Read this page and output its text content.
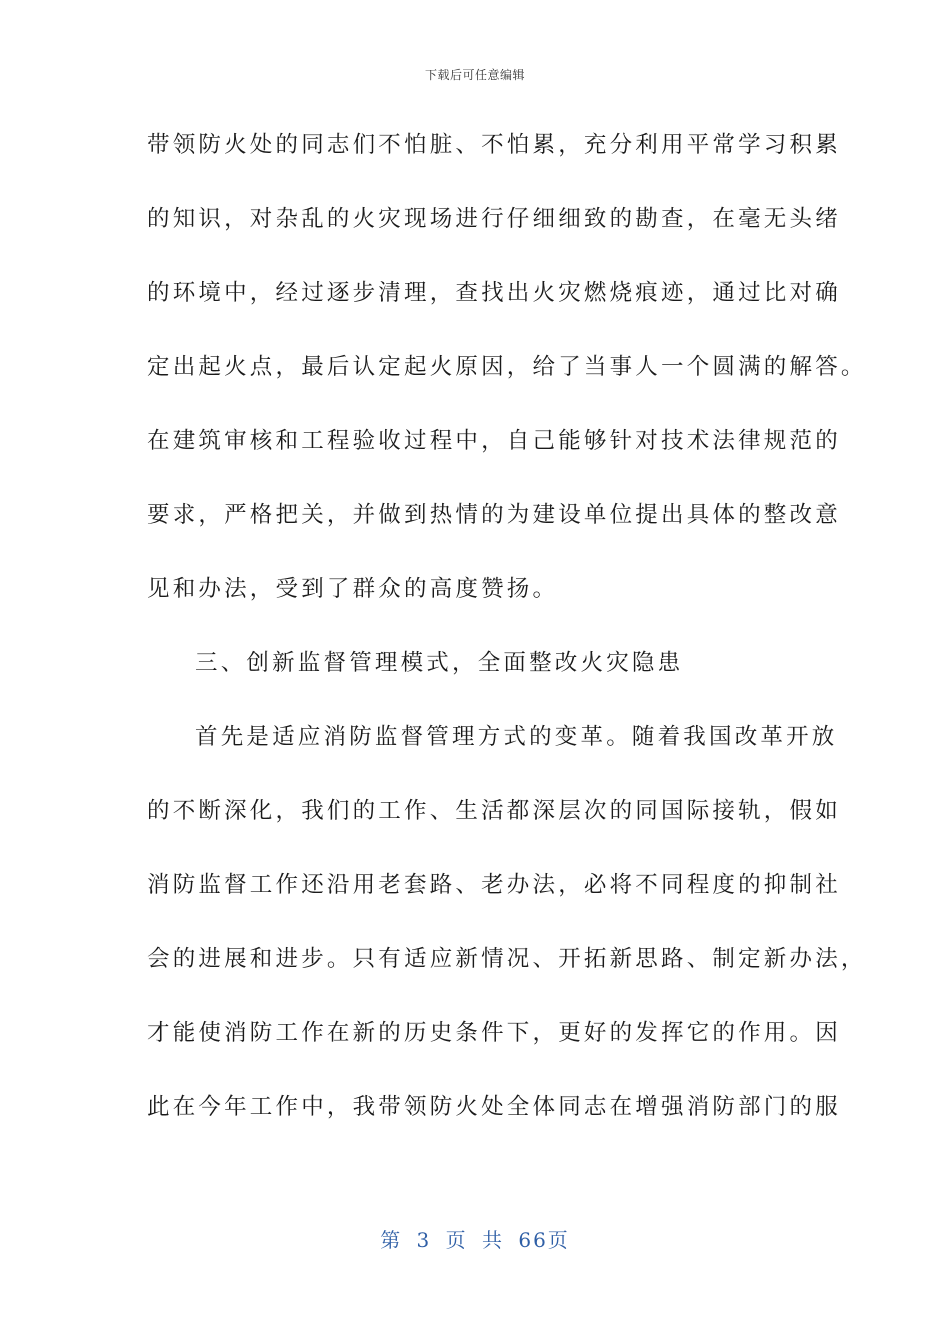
下载后可任意编辑
带领防火处的同志们不怕脏、不怕累，充分利用平常学习积累
的知识，对杂乱的火灾现场进行仔细细致的勘查，在毫无头绪
的环境中，经过逐步清理，查找出火灾燃烧痕迹，通过比对确
定出起火点，最后认定起火原因，给了当事人一个圆满的解答。
在建筑审核和工程验收过程中，自己能够针对技术法律规范的
要求，严格把关，并做到热情的为建设单位提出具体的整改意
见和办法，受到了群众的高度赞扬。
三、创新监督管理模式，全面整改火灾隐患
首先是适应消防监督管理方式的变革。随着我国改革开放
的不断深化，我们的工作、生活都深层次的同国际接轨，假如
消防监督工作还沿用老套路、老办法，必将不同程度的抑制社
会的进展和进步。只有适应新情况、开拓新思路、制定新办法，
才能使消防工作在新的历史条件下，更好的发挥它的作用。因
此在今年工作中，我带领防火处全体同志在增强消防部门的服
第 3 页 共 66页
